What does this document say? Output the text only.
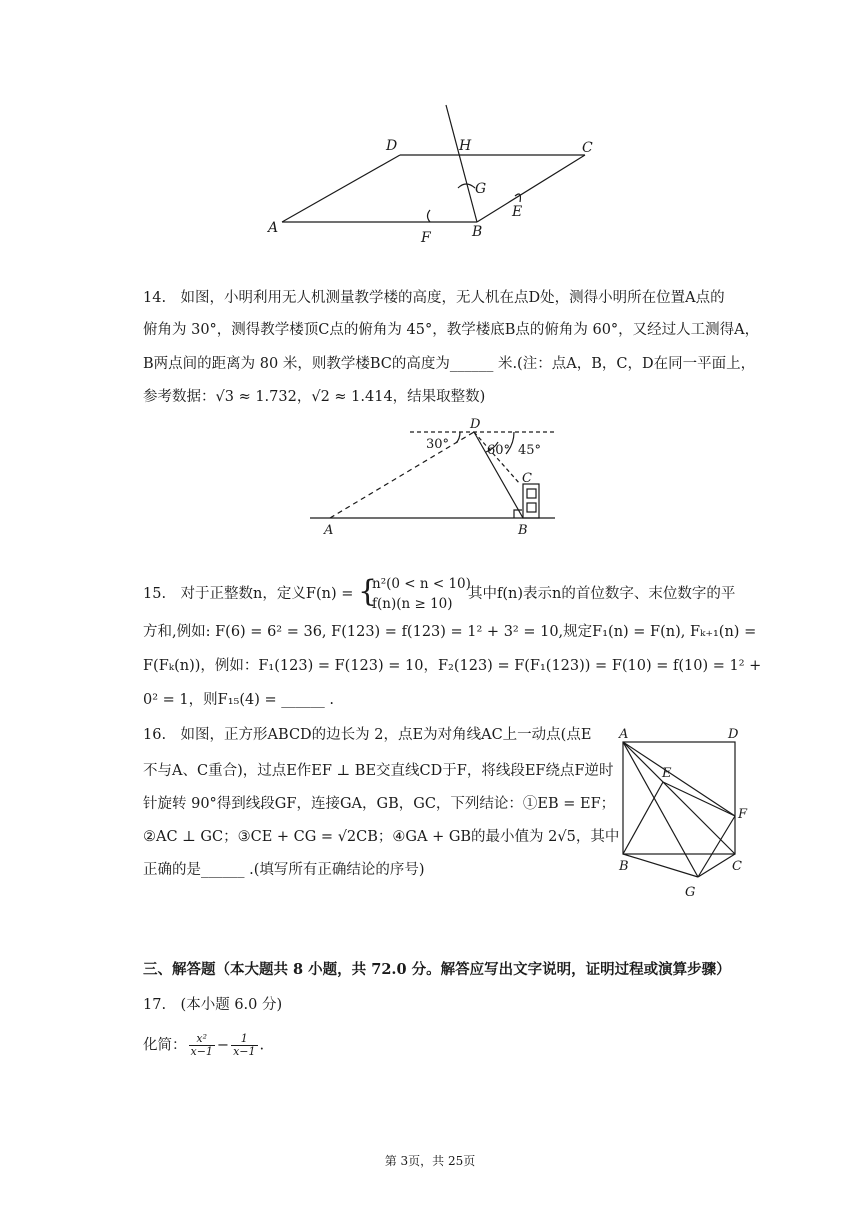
D	H	C
G
E
A
F	B
14.　如图，小明利用无人机测量教学楼的高度，无人机在点D处，测得小明所在位置A点的
俯角为 30°，测得教学楼顶C点的俯角为 45°，教学楼底B点的俯角为 60°，又经过人工测得A，
B两点间的距离为 80 米，则教学楼BC的高度为______ 米.(注：点A，B，C，D在同一平面上，
参考数据：√3 ≈ 1.732，√2 ≈ 1.414，结果取整数)
D
30°	60° 45°
C
A	B
15.　对于正整数n，定义F(n) = {
n²(0 < n < 10)
f(n)(n ≥ 10)
其中f(n)表示n的首位数字、末位数字的平
方和,例如: F(6) = 6² = 36, F(123) = f(123) = 1² + 3² = 10,规定F₁(n) = F(n), Fₖ₊₁(n) =
F(Fₖ(n))，例如：F₁(123) = F(123) = 10，F₂(123) = F(F₁(123)) = F(10) = f(10) = 1² +
0² = 1，则F₁₅(4) = ______ .
16.　如图，正方形ABCD的边长为 2，点E为对角线AC上一动点(点E
不与A、C重合)，过点E作EF ⊥ BE交直线CD于F，将线段EF绕点F逆时
针旋转 90°得到线段GF，连接GA，GB，GC，下列结论：①EB = EF；
②AC ⊥ GC；③CE + CG = √2CB；④GA + GB的最小值为 2√5，其中
正确的是______ .(填写所有正确结论的序号)
A	D
E
F
B	C
G
三、解答题（本大题共 8 小题，共 72.0 分。解答应写出文字说明，证明过程或演算步骤）
17.　(本小题 6.0 分)
化简： $\frac{\text{x²}}{x-1} - \frac{1}{x-1}$ .
第 3页，共 25页
